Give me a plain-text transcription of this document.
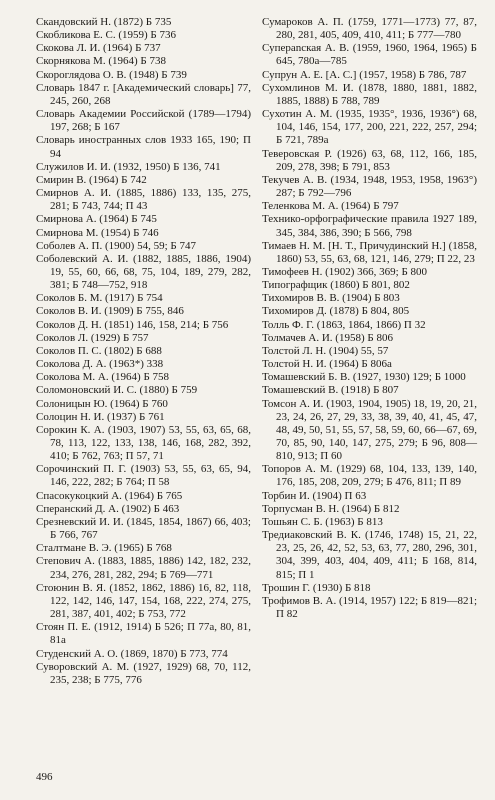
Скандовский Н. (1872) Б 735
Скобликова Е. С. (1959) Б 736
Скокова Л. И. (1964) Б 737
Скорнякова М. (1964) Б 738
Скороглядова О. В. (1948) Б 739
Словарь 1847 г. [Академический словарь] 77, 245, 260, 268
Словарь Академии Российской (1789—1794) 197, 268; Б 167
Словарь иностранных слов 1933 165, 190; П 94
Служилов И. И. (1932, 1950) Б 136, 741
Смирин В. (1964) Б 742
Смирнов А. И. (1885, 1886) 133, 135, 275, 281; Б 743, 744; П 43
Смирнова А. (1964) Б 745
Смирнова М. (1954) Б 746
Соболев А. П. (1900) 54, 59; Б 747
Соболевский А. И. (1882, 1885, 1886, 1904) 19, 55, 60, 66, 68, 75, 104, 189, 279, 282, 381; Б 748—752, 918
Соколов Б. М. (1917) Б 754
Соколов В. И. (1909) Б 755, 846
Соколов Д. Н. (1851) 146, 158, 214; Б 756
Соколов Л. (1929) Б 757
Соколов П. С. (1802) Б 688
Соколова Д. А. (1963*) 338
Соколова М. А. (1964) Б 758
Соломоновский И. С. (1880) Б 759
Солоницын Ю. (1964) Б 760
Солоцин Н. И. (1937) Б 761
Сорокин К. А. (1903, 1907) 53, 55, 63, 65, 68, 78, 113, 122, 133, 138, 146, 168, 282, 392, 410; Б 762, 763; П 57, 71
Сорочинский П. Г. (1903) 53, 55, 63, 65, 94, 146, 222, 282; Б 764; П 58
Спасокукоцкий А. (1964) Б 765
Сперанский Д. А. (1902) Б 463
Срезневский И. И. (1845, 1854, 1867) 66, 403; Б 766, 767
Сталтмане В. Э. (1965) Б 768
Степович А. (1883, 1885, 1886) 142, 182, 232, 234, 276, 281, 282, 294; Б 769—771
Стоюнин В. Я. (1852, 1862, 1886) 16, 82, 118, 122, 142, 146, 147, 154, 168, 222, 274, 275, 281, 387, 401, 402; Б 753, 772
Стоян П. Е. (1912, 1914) Б 526; П 77а, 80, 81, 81а
Студенский А. О. (1869, 1870) Б 773, 774
Суворовский А. М. (1927, 1929) 68, 70, 112, 235, 238; Б 775, 776
Сумароков А. П. (1759, 1771—1773) 77, 87, 280, 281, 405, 409, 410, 411; Б 777—780
Супераnская А. В. (1959, 1960, 1964, 1965) Б 645, 780а—785
Супрун А. Е. [А. С.] (1957, 1958) Б 786, 787
Сухомлинов М. И. (1878, 1880, 1881, 1882, 1885, 1888) Б 788, 789
Сухотин А. М. (1935, 1935°, 1936, 1936°) 68, 104, 146, 154, 177, 200, 221, 222, 257, 294; Б 721, 789а
Теверовская Р. (1926) 63, 68, 112, 166, 185, 209, 278, 398; Б 791, 853
Текучев А. В. (1934, 1948, 1953, 1958, 1963°) 287; Б 792—796
Теленкова М. А. (1964) Б 797
Технико-орфографические правила 1927 189, 345, 384, 386, 390; Б 566, 798
Тимаев Н. М. [Н. Т., Причудинский Н.] (1858, 1860) 53, 55, 63, 68, 121, 146, 279; П 22, 23
Тимофеев Н. (1902) 366, 369; Б 800
Типографщик (1860) Б 801, 802
Тихомиров В. В. (1904) Б 803
Тихомиров Д. (1878) Б 804, 805
Толль Ф. Г. (1863, 1864, 1866) П 32
Толмачев А. И. (1958) Б 806
Толстой Л. Н. (1904) 55, 57
Толстой Н. И. (1964) Б 806а
Томашевский Б. В. (1927, 1930) 129; Б 1000
Томашевский В. (1918) Б 807
Томсон А. И. (1903, 1904, 1905) 18, 19, 20, 21, 23, 24, 26, 27, 29, 33, 38, 39, 40, 41, 45, 47, 48, 49, 50, 51, 55, 57, 58, 59, 60, 66—67, 69, 70, 85, 90, 140, 147, 275, 279; Б 96, 808—810, 913; П 60
Топоров А. М. (1929) 68, 104, 133, 139, 140, 176, 185, 208, 209, 279; Б 476, 811; П 89
Торбин И. (1904) П 63
Торпусман В. Н. (1964) Б 812
Тошьян С. Б. (1963) Б 813
Тредиаковский В. К. (1746, 1748) 15, 21, 22, 23, 25, 26, 42, 52, 53, 63, 77, 280, 296, 301, 304, 399, 403, 404, 409, 411; Б 168, 814, 815; П 1
Трошин Г. (1930) Б 818
Трофимов В. А. (1914, 1957) 122; Б 819—821; П 82
496
